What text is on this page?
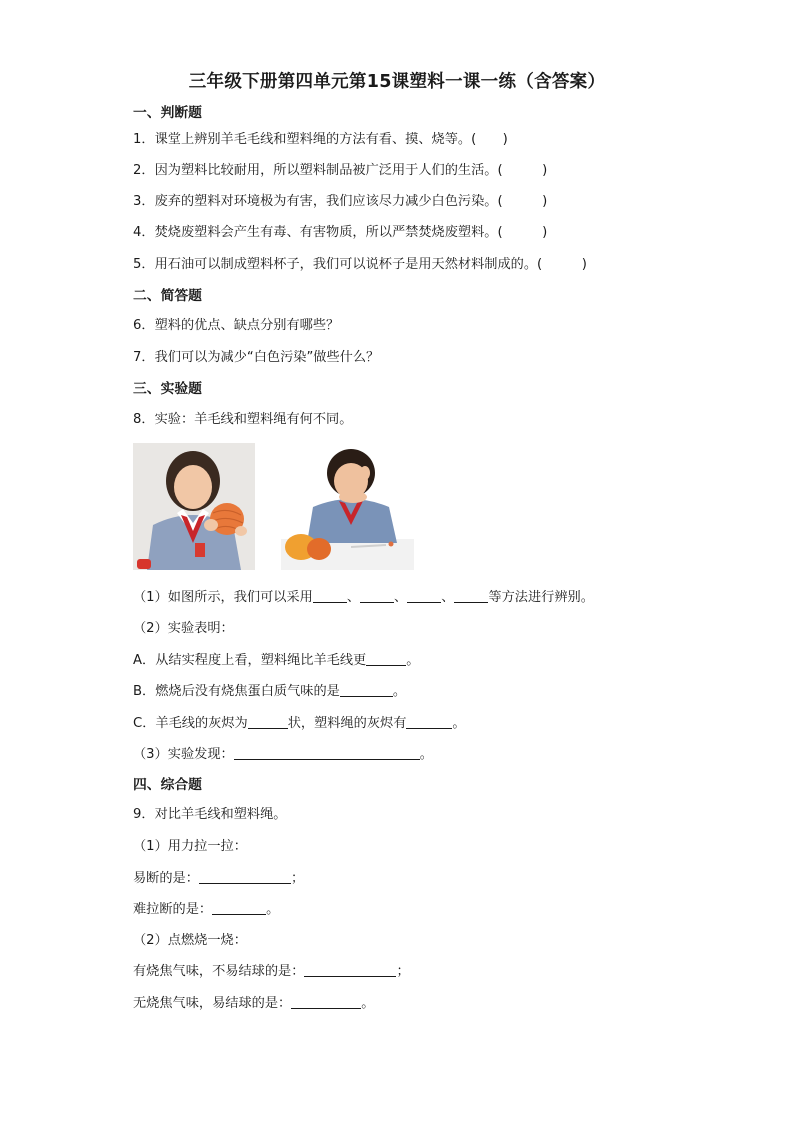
三年级下册第四单元第15课塑料一课一练（含答案）
一、判断题
1．课堂上辨别羊毛毛线和塑料绳的方法有看、摸、烧等。(　　)
2．因为塑料比较耐用，所以塑料制品被广泛用于人们的生活。(　　　)
3．废弃的塑料对环境极为有害，我们应该尽力减少白色污染。(　　　)
4．焚烧废塑料会产生有毒、有害物质，所以严禁焚烧废塑料。(　　　)
5．用石油可以制成塑料杯子，我们可以说杯子是用天然材料制成的。(　　　)
二、简答题
6．塑料的优点、缺点分别有哪些？
7．我们可以为减少“白色污染”做些什么？
三、实验题
8．实验：羊毛线和塑料绳有何不同。
（1）如图所示，我们可以采用	、	、	、	等方法进行辨别。
（2）实验表明：
A．从结实程度上看，塑料绳比羊毛线更	。
B．燃烧后没有烧焦蛋白质气味的是	。
C．羊毛线的灰烬为	状，塑料绳的灰烬有	。
（3）实验发现：	。
四、综合题
9．对比羊毛线和塑料绳。
（1）用力拉一拉：
易断的是：	；
难拉断的是：	。
（2）点燃烧一烧：
有烧焦气味，不易结球的是：	；
无烧焦气味，易结球的是：	。
